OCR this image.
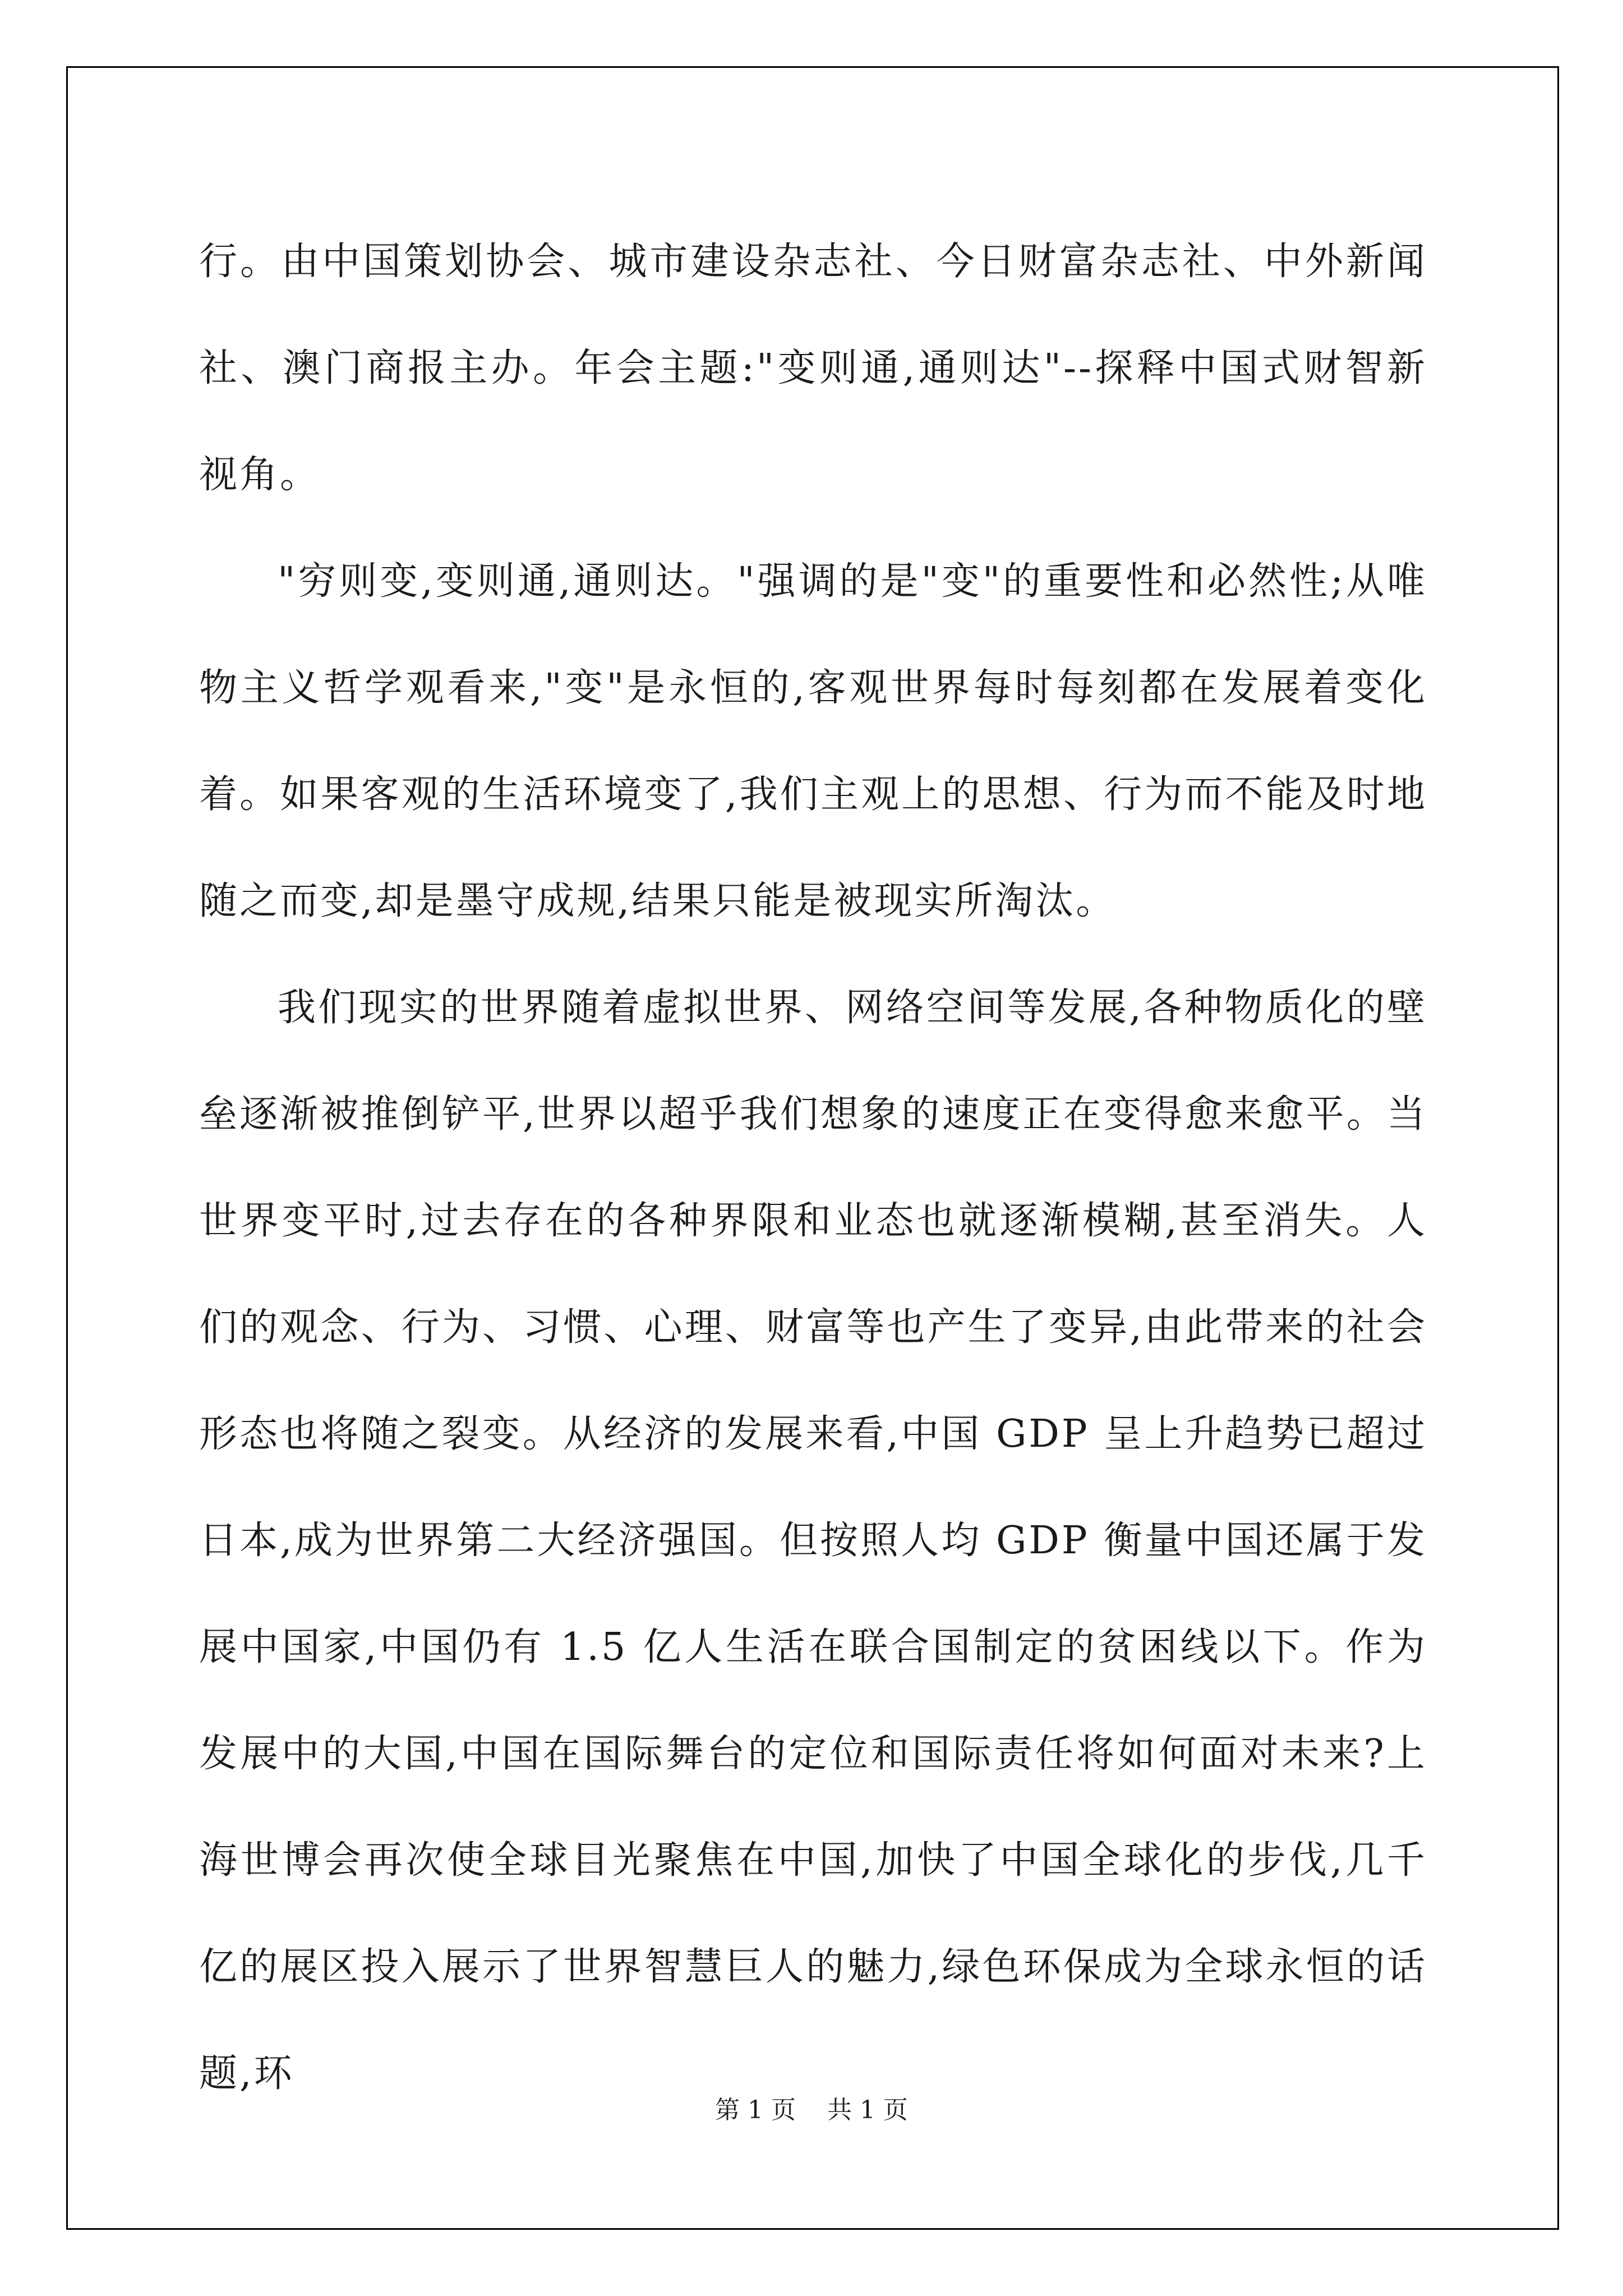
行。由中国策划协会、城市建设杂志社、今日财富杂志社、中外新闻社、澳门商报主办。年会主题:"变则通,通则达"--探释中国式财智新视角。

"穷则变,变则通,通则达。"强调的是"变"的重要性和必然性;从唯物主义哲学观看来,"变"是永恒的,客观世界每时每刻都在发展着变化着。如果客观的生活环境变了,我们主观上的思想、行为而不能及时地随之而变,却是墨守成规,结果只能是被现实所淘汰。

我们现实的世界随着虚拟世界、网络空间等发展,各种物质化的壁垒逐渐被推倒铲平,世界以超乎我们想象的速度正在变得愈来愈平。当世界变平时,过去存在的各种界限和业态也就逐渐模糊,甚至消失。人们的观念、行为、习惯、心理、财富等也产生了变异,由此带来的社会形态也将随之裂变。从经济的发展来看,中国 GDP 呈上升趋势已超过日本,成为世界第二大经济强国。但按照人均 GDP 衡量中国还属于发展中国家,中国仍有 1.5 亿人生活在联合国制定的贫困线以下。作为发展中的大国,中国在国际舞台的定位和国际责任将如何面对未来?上海世博会再次使全球目光聚焦在中国,加快了中国全球化的步伐,几千亿的展区投入展示了世界智慧巨人的魅力,绿色环保成为全球永恒的话题,环

第 1 页    共 1 页
